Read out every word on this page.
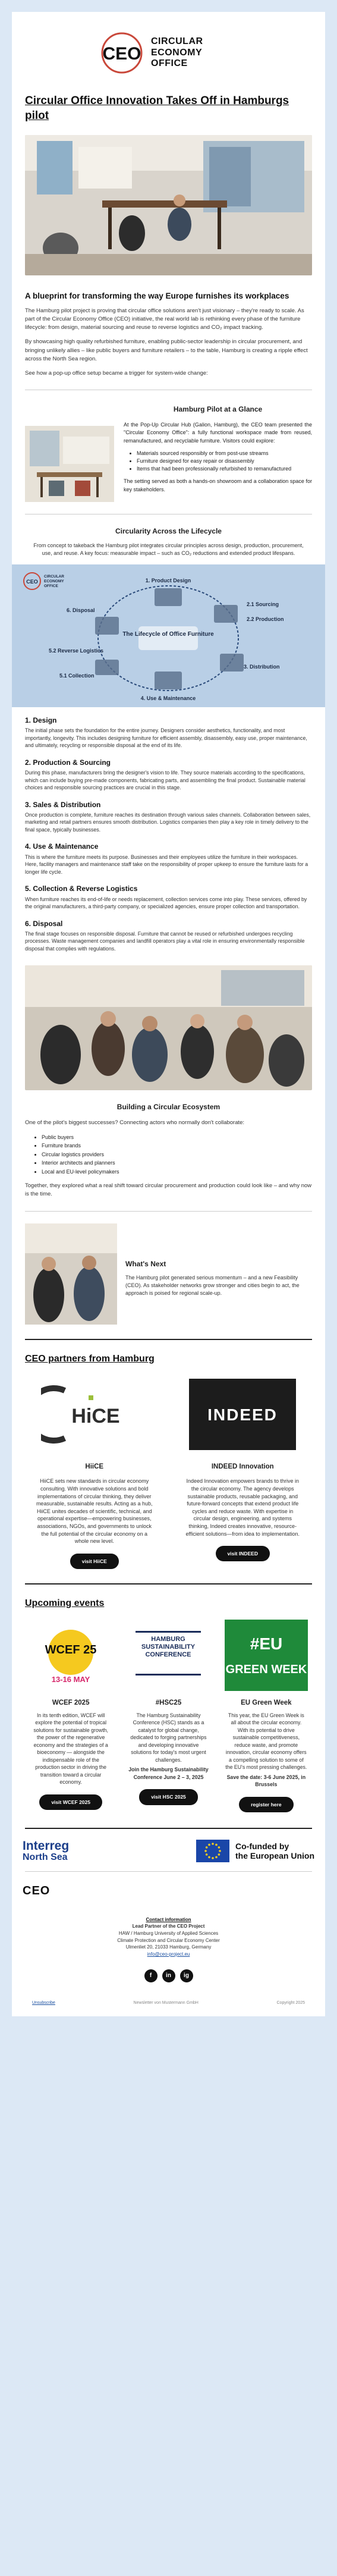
CEO
CIRCULAR
ECONOMY
OFFICE
Circular Office Innovation Takes Off in Hamburgs pilot
A blueprint for transforming the way Europe furnishes its workplaces

The Hamburg pilot project is proving that circular office solutions aren't just visionary – they're ready to scale. As part of the Circular Economy Office (CEO) initiative, the real world lab is rethinking every phase of the furniture lifecycle: from design, material sourcing and reuse to reverse logistics and CO₂ impact tracking.

By showcasing high quality refurbished furniture, enabling public-sector leadership in circular procurement, and bringing unlikely allies – like public buyers and furniture retailers – to the table, Hamburg is creating a ripple effect across the North Sea region.

See how a pop-up office setup became a trigger for system-wide change:

Hamburg Pilot at a Glance

At the Pop-Up Circular Hub (Galion, Hamburg), the CEO team presented the "Circular Economy Office": a fully functional workspace made from reused, remanufactured, and recyclable furniture. Visitors could explore:

• Materials sourced responsibly or from post-use streams
• Furniture designed for easy repair or disassembly
• Items that had been professionally refurbished to remanufactured

The setting served as both a hands-on showroom and a collaboration space for key stakeholders.

Circularity Across the Lifecycle
From concept to takeback the Hamburg pilot integrates circular principles across design, production, procurement, use, and reuse. A key focus: measurable impact – such as CO₂ reductions and extended product lifespans.
CEO
CIRCULAR
ECONOMY
OFFICE
The Lifecycle of Office Furniture
1. Product Design
2.1 Sourcing
2.2 Production
3. Distribution
4. Use & Maintenance
5.1 Collection
5.2 Reverse Logistics
6. Disposal
1. Design

The initial phase sets the foundation for the entire journey. Designers consider aesthetics, functionality, and most importantly, longevity. This includes designing furniture for efficient assembly, disassembly, easy use, proper maintenance, and ultimately, recycling or responsible disposal at the end of its life.

2. Production & Sourcing

During this phase, manufacturers bring the designer's vision to life. They source materials according to the specifications, which can include buying pre-made components, fabricating parts, and assembling the final product. Sustainable material choices and responsible sourcing practices are crucial in this stage.

3. Sales & Distribution

Once production is complete, furniture reaches its destination through various sales channels. Collaboration between sales, marketing and retail partners ensures smooth distribution. Logistics companies then play a key role in timely delivery to the final space, typically businesses.

4. Use & Maintenance

This is where the furniture meets its purpose. Businesses and their employees utilize the furniture in their workspaces. Here, facility managers and maintenance staff take on the responsibility of proper upkeep to ensure the furniture lasts for a longer life cycle.

5. Collection & Reverse Logistics

When furniture reaches its end-of-life or needs replacement, collection services come into play. These services, offered by the original manufacturers, a third-party company, or specialized agencies, ensure proper collection and transportation.

6. Disposal

The final stage focuses on responsible disposal. Furniture that cannot be reused or refurbished undergoes recycling processes. Waste management companies and landfill operators play a vital role in ensuring environmentally responsible disposal that complies with regulations.

Building a Circular Ecosystem

One of the pilot's biggest successes? Connecting actors who normally don't collaborate:

• Public buyers
• Furniture brands
• Circular logistics providers
• Interior architects and planners
• Local and EU-level policymakers

Together, they explored what a real shift toward circular procurement and production could look like – and why now is the time.

What's Next

The Hamburg pilot generated serious momentum – and a new Feasibility (CEO). As stakeholder networks grow stronger and cities begin to act, the approach is poised for regional scale-up.

CEO partners from Hamburg
HiCE
HiiCE

HiiCE sets new standards in circular economy consulting. With innovative solutions and bold implementations of circular thinking, they deliver measurable, sustainable results. Acting as a hub, HiiCE unites decades of scientific, technical, and operational expertise—empowering businesses, associations, NGOs, and governments to unlock the full potential of the circular economy on a whole new level.

visit HiiCE
INDEED
INDEED Innovation

Indeed Innovation empowers brands to thrive in the circular economy. The agency develops sustainable products, reusable packaging, and future-forward concepts that extend product life cycles and reduce waste. With expertise in circular design, engineering, and systems thinking, Indeed creates innovative, resource-efficient solutions—from idea to implementation.

visit INDEED
Upcoming events
WCEF 25
13-16 MAY
WCEF 2025

In its tenth edition, WCEF will explore the potential of tropical solutions for sustainable growth, the power of the regenerative economy and the strategies of a bioeconomy — alongside the indispensable role of the production sector in driving the transition toward a circular economy.

visit WCEF 2025
HAMBURG SUSTAINABILITY CONFERENCE
#HSC25

The Hamburg Sustainability Conference (HSC) stands as a catalyst for global change, dedicated to forging partnerships and developing innovative solutions for today's most urgent challenges.

Join the Hamburg Sustainability Conference June 2 – 3, 2025

visit HSC 2025
#EU
GREEN WEEK
EU Green Week

This year, the EU Green Week is all about the circular economy. With its potential to drive sustainable competitiveness, reduce waste, and promote innovation, circular economy offers a compelling solution to some of the EU's most pressing challenges.

Save the date: 3-6 June 2025, in Brussels

register here
Interreg
North Sea
Co-funded by
the European Union
CEO
Contact information
Lead Partner of the CEO Project
HAW / Hamburg University of Applied Sciences
Climate Protection and Circular Economy Center
Ulmenliet 20, 21033 Hamburg, Germany
info@ceo-project.eu
f	in	ig
Unsubscribe	Newsletter von Mustermann GmbH	Copyright 2025
